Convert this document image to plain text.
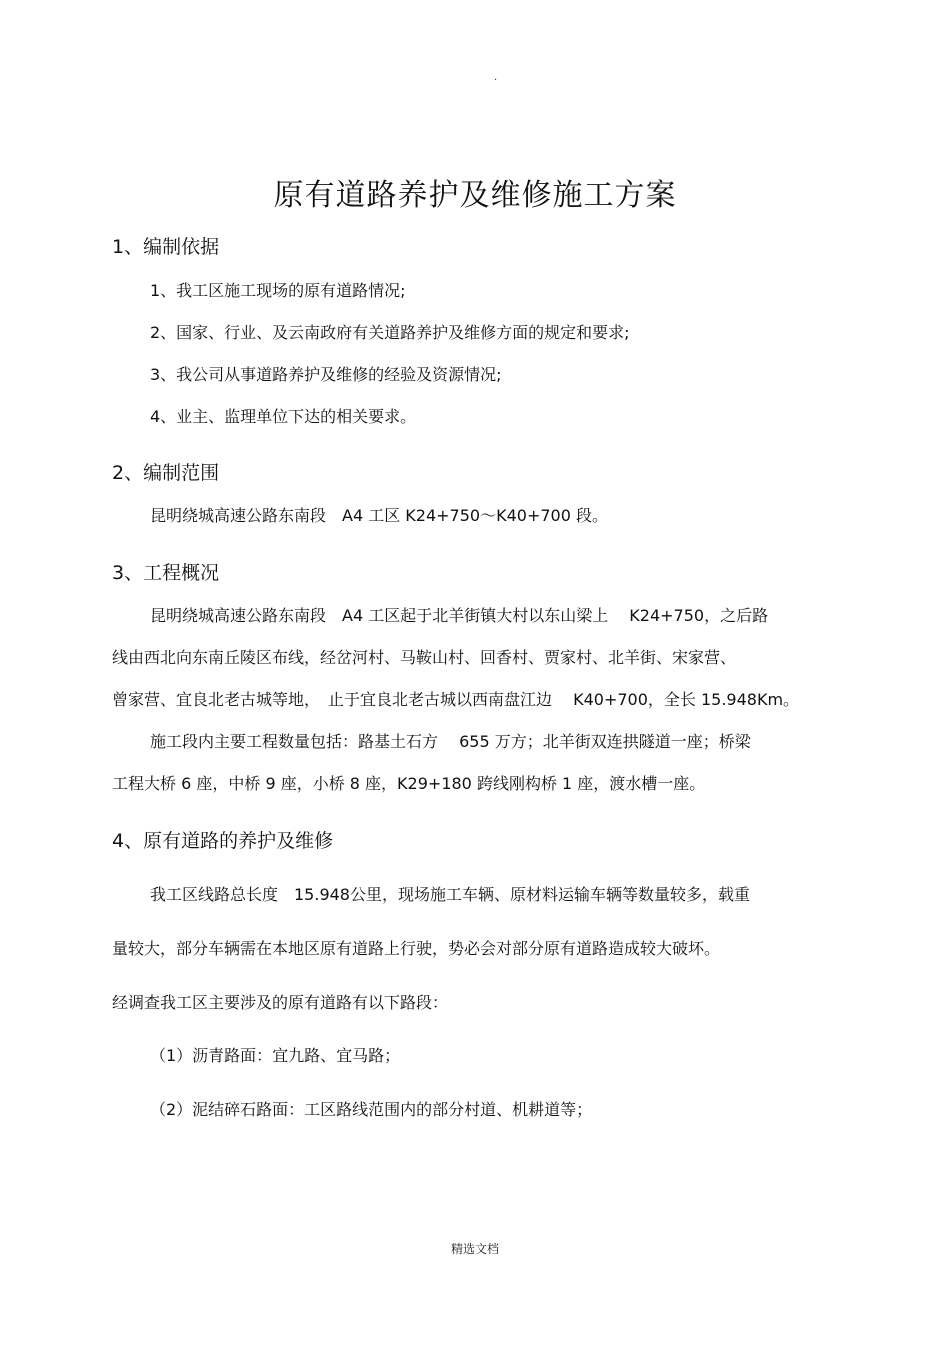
.
原有道路养护及维修施工方案
1、编制依据
1、我工区施工现场的原有道路情况;
2、国家、行业、及云南政府有关道路养护及维修方面的规定和要求;
3、我公司从事道路养护及维修的经验及资源情况;
4、业主、监理单位下达的相关要求。
2、编制范围
昆明绕城高速公路东南段　A4 工区 K24+750～K40+700 段。
3、工程概况
昆明绕城高速公路东南段　A4 工区起于北羊街镇大村以东山梁上　 K24+750，之后路
线由西北向东南丘陵区布线，经岔河村、马鞍山村、回香村、贾家村、北羊街、宋家营、
曾家营、宜良北老古城等地，　止于宜良北老古城以西南盘江边　 K40+700，全长 15.948Km。
施工段内主要工程数量包括：路基土石方　 655 万方；北羊街双连拱隧道一座；桥梁
工程大桥 6 座，中桥 9 座，小桥 8 座，K29+180 跨线刚构桥 1 座，渡水槽一座。
4、原有道路的养护及维修
我工区线路总长度　15.948公里，现场施工车辆、原材料运输车辆等数量较多，载重
量较大，部分车辆需在本地区原有道路上行驶，势必会对部分原有道路造成较大破坏。
经调查我工区主要涉及的原有道路有以下路段：
（1）沥青路面：宜九路、宜马路；
（2）泥结碎石路面：工区路线范围内的部分村道、机耕道等；
精选文档
